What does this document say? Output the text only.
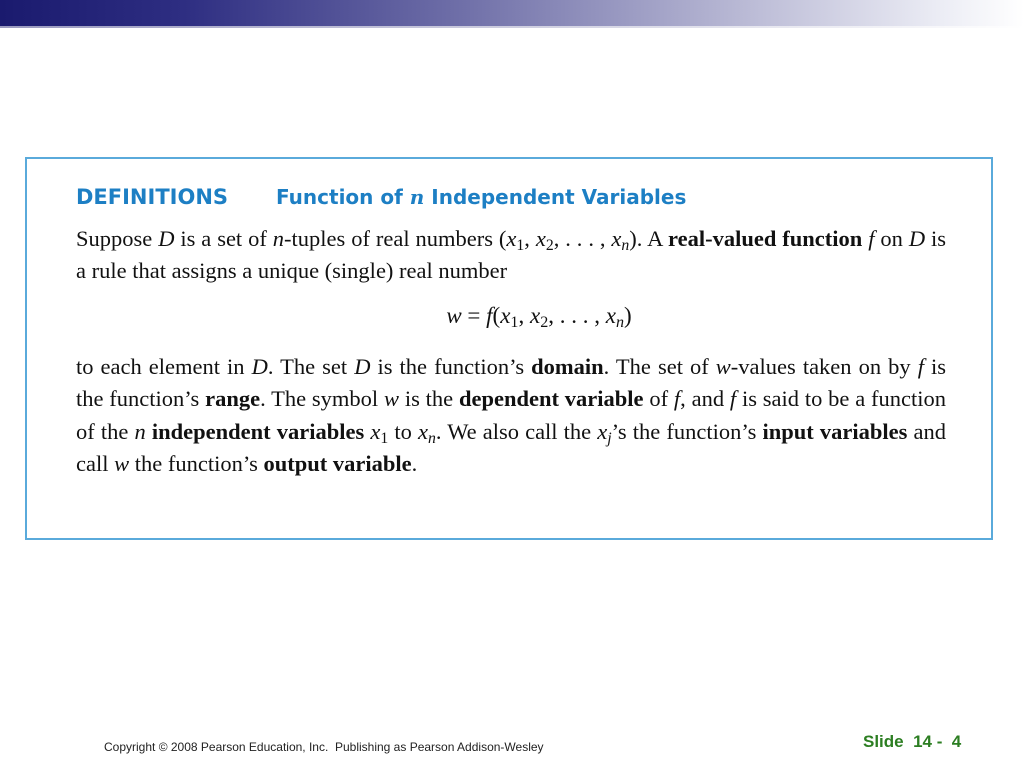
DEFINITIONS Function of n Independent Variables
Suppose D is a set of n-tuples of real numbers ($x_1$, $x_2$, . . . , $x_n$). A real-valued function f on D is a rule that assigns a unique (single) real number
$w = f(x_1$, $x_2$, . . . , $x_n$)
to each element in D. The set D is the function’s domain. The set of w-values taken on by f is the function’s range. The symbol w is the dependent variable of f, and f is said to be a function of the n independent variables $x_1$ to $x_n$. We also call the $x_j’s$ the function’s input variables and call w the function’s output variable.
Copyright © 2008 Pearson Education, Inc.  Publishing as Pearson Addison-Wesley	Slide  14 -  4
